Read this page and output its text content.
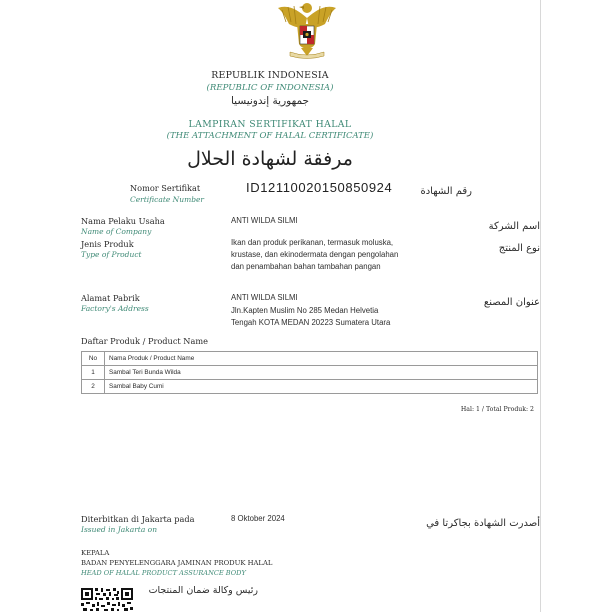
REPUBLIK INDONESIA
(REPUBLIC OF INDONESIA)
جمهورية إندونيسيا
LAMPIRAN SERTIFIKAT HALAL
(THE ATTACHMENT OF HALAL CERTIFICATE)
مرفقة لشهادة الحلال
Nomor Sertifikat
Certificate Number
ID12110020150850924	رقم الشهادة
Nama Pelaku Usaha
Name of Company
ANTI WILDA SILMI
اسم الشركة
Jenis Produk
Type of Product
Ikan dan produk perikanan, termasuk moluska,
krustase, dan ekinodermata dengan pengolahan
dan penambahan bahan tambahan pangan
نوع المنتج
Alamat Pabrik
Factory's Address
ANTI WILDA SILMI
Jln.Kapten Muslim No 285 Medan Helvetia
Tengah KOTA MEDAN 20223 Sumatera Utara
عنوان المصنع
Daftar Produk / Product Name
No	Nama Produk / Product Name
1	Sambal Teri Bunda Wilda
2	Sambal Baby Cumi
Hal: 1 / Total Produk: 2
Diterbitkan di Jakarta pada
Issued in Jakarta on
8 Oktober 2024	أصدرت الشهادة بجاكرتا في
KEPALA
BADAN PENYELENGGARA JAMINAN PRODUK HALAL
HEAD OF HALAL PRODUCT ASSURANCE BODY
رئيس وكالة ضمان المنتجات
